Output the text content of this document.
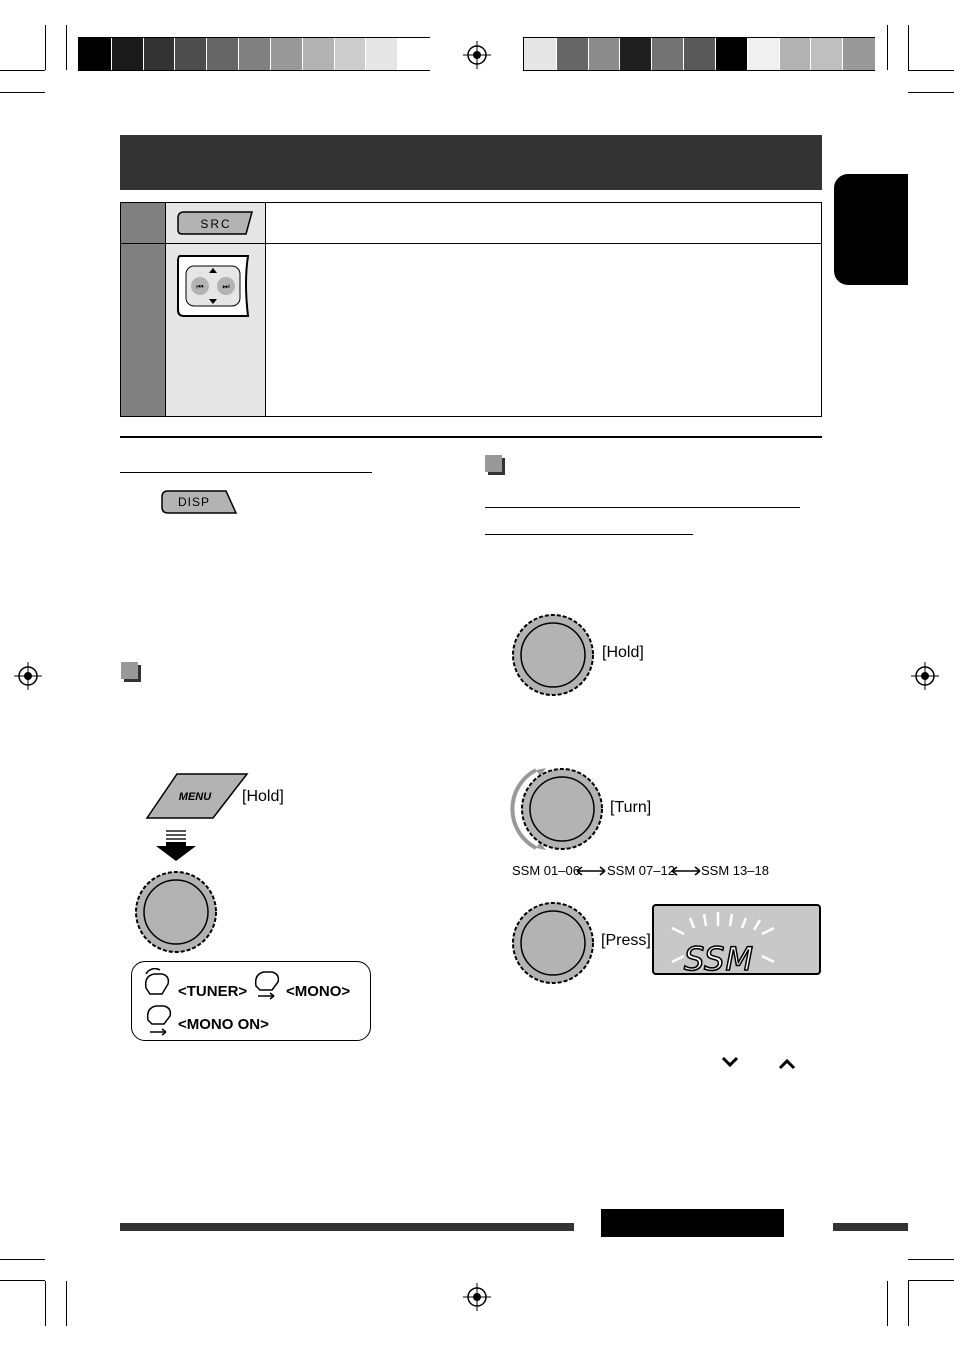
SRC
⏮ ⏭
DISP
MENU [Hold]
<TUNER>	<MONO>
<MONO ON>
[Hold]
[Turn]
SSM 01–06 SSM 07–12 SSM 13–18
[Press] SSM
